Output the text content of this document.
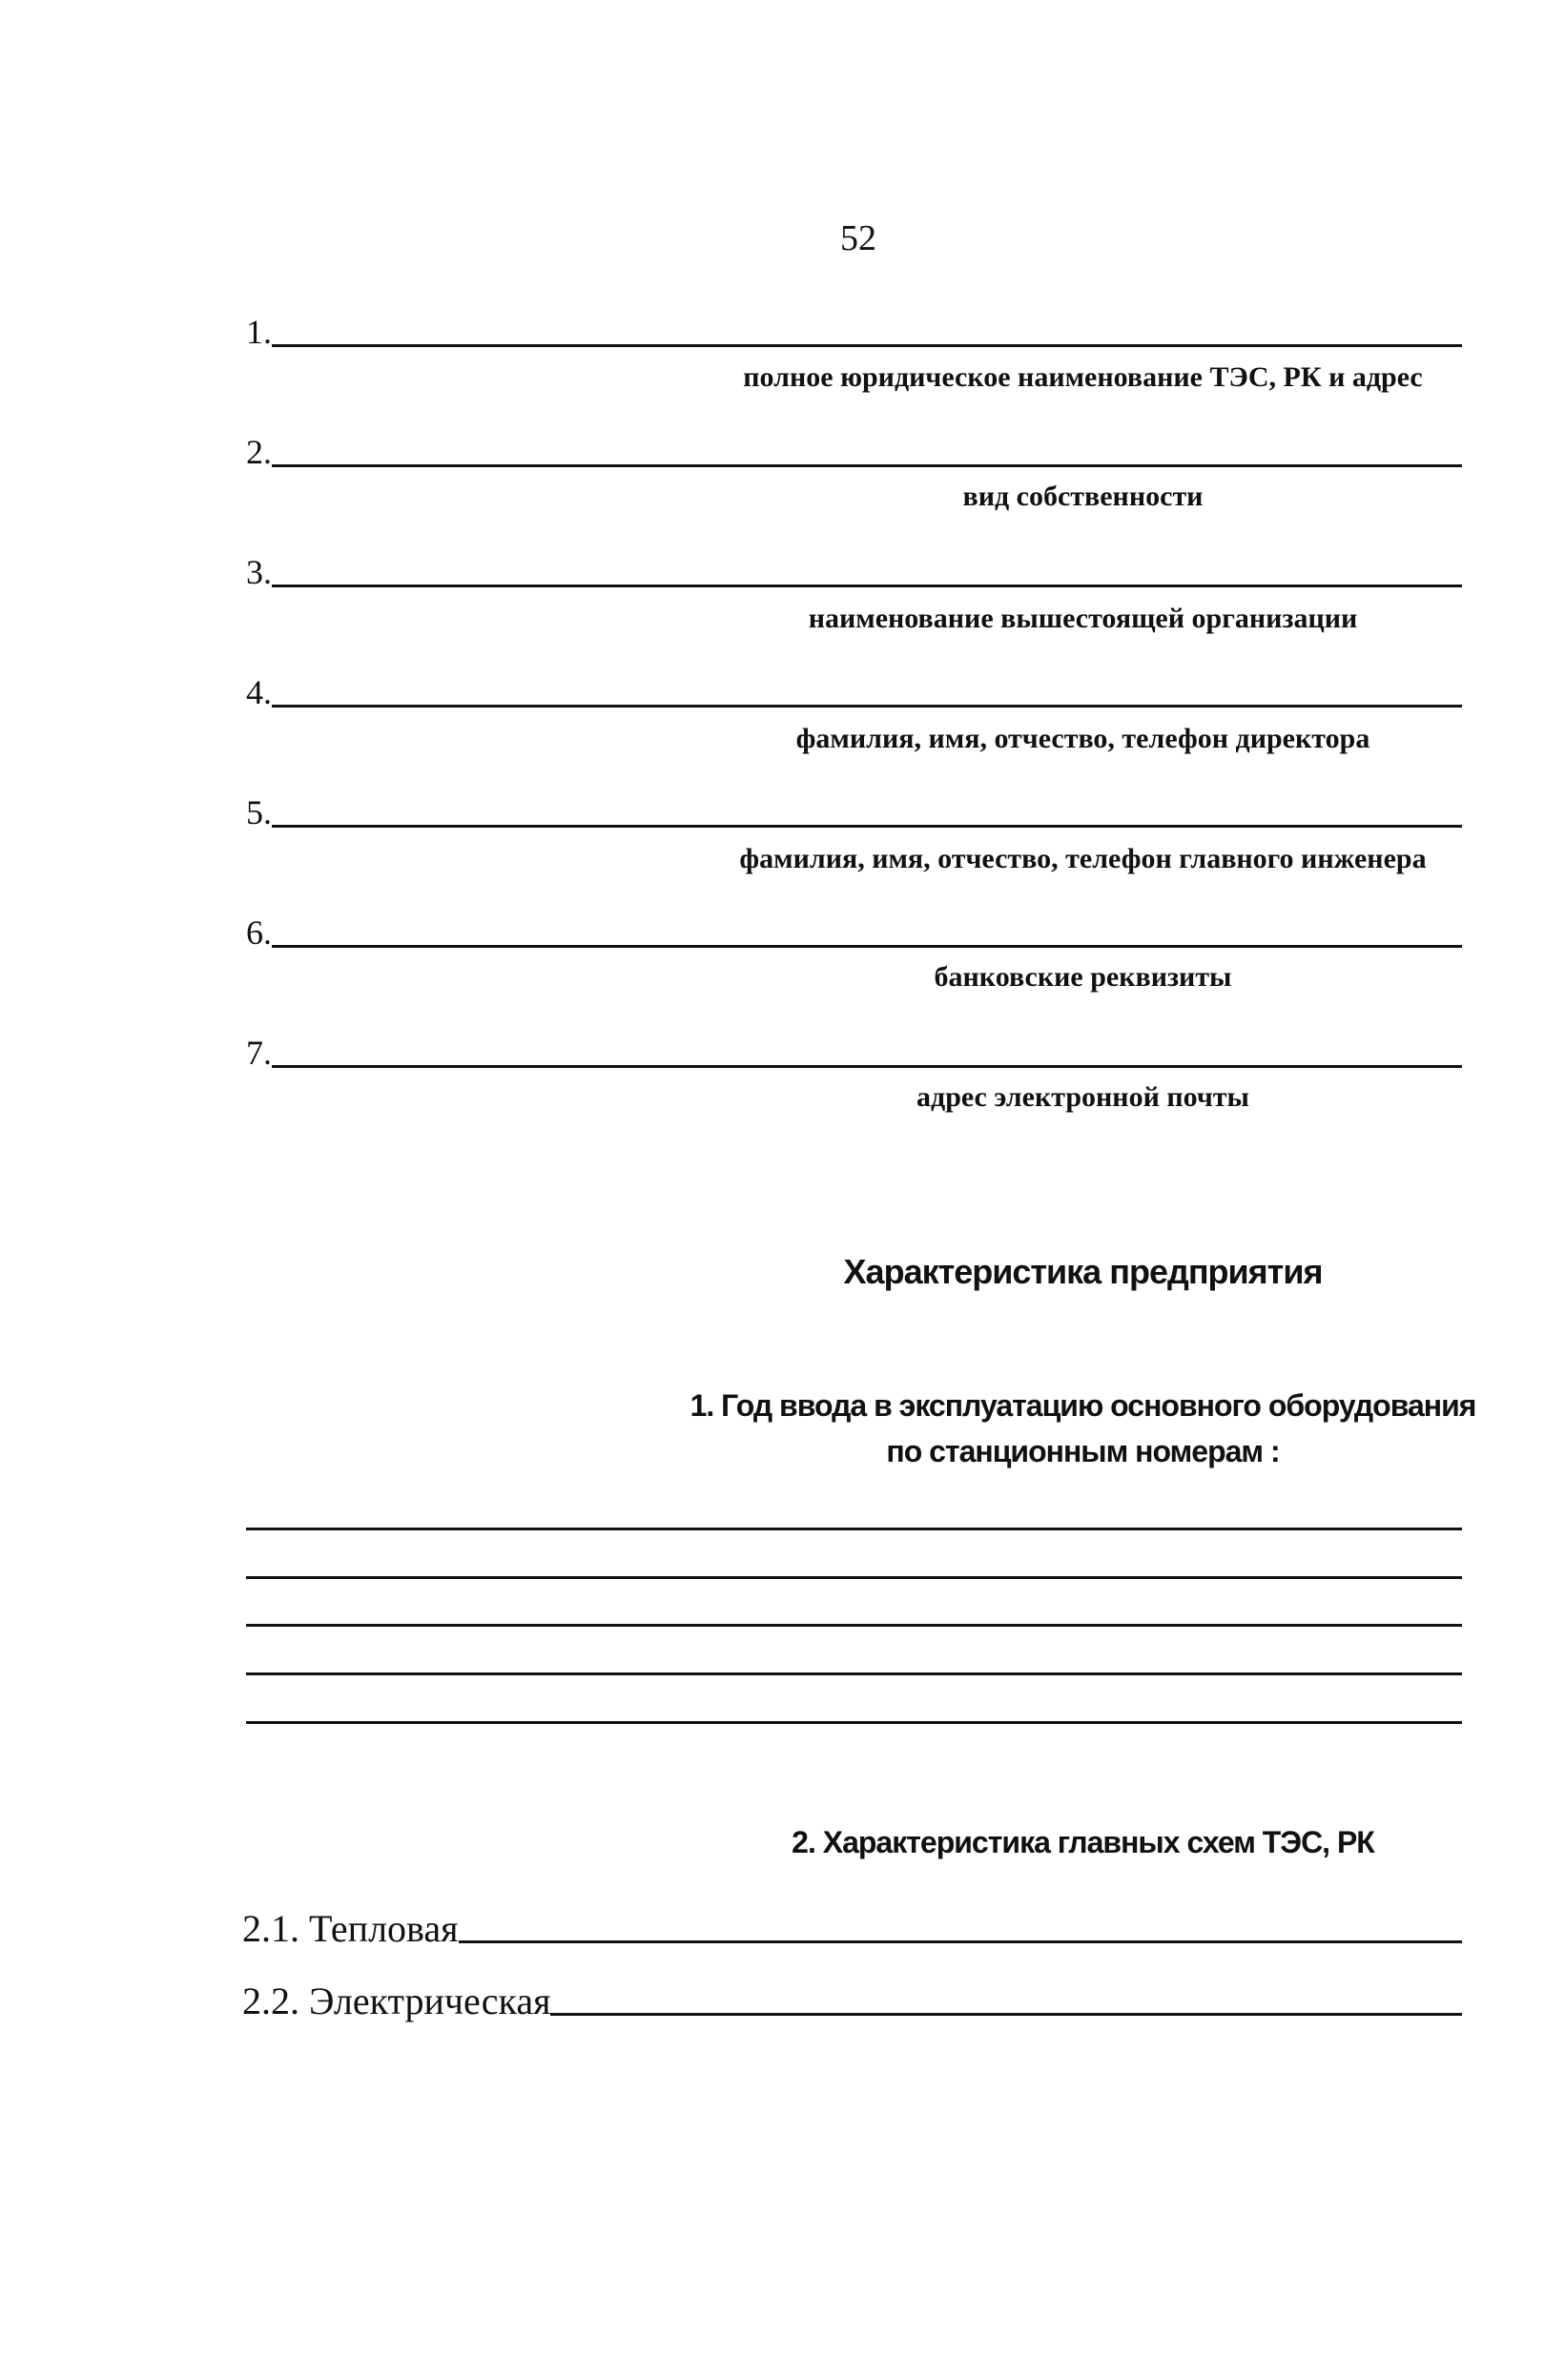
52
1.
полное юридическое наименование ТЭС, РК и адрес
2.
вид собственности
3.
наименование вышестоящей организации
4.
фамилия, имя, отчество, телефон директора
5.
фамилия, имя, отчество, телефон главного инженера
6.
банковские реквизиты
7.
адрес электронной почты
Характеристика предприятия
1. Год ввода в эксплуатацию основного оборудования
по станционным номерам :
2. Характеристика главных схем ТЭС, РК
2.1. Тепловая
2.2. Электрическая
